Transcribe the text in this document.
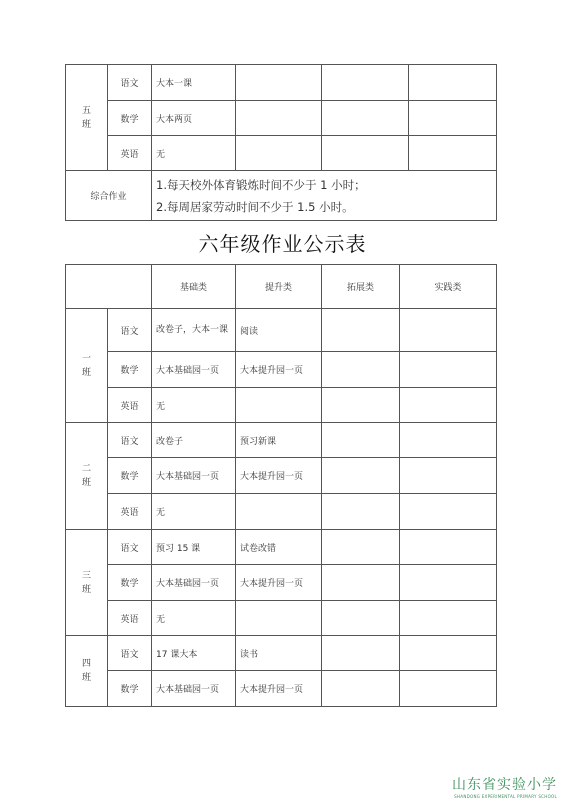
五
班	语文	大本一课			
	数学	大本两页			
	英语	无			
综合作业		1.每天校外体育锻炼时间不少于 1 小时；
2.每周居家劳动时间不少于 1.5 小时。			
六年级作业公示表
		基础类	提升类	拓展类	实践类
一
班	语文	改卷子，大本一课	阅读		
	数学	大本基础园一页	大本提升园一页		
	英语	无			
二
班	语文	改卷子	预习新课		
	数学	大本基础园一页	大本提升园一页		
	英语	无			
三
班	语文	预习 15 课	试卷改错		
	数学	大本基础园一页	大本提升园一页		
	英语	无			
四
班	语文	17 课大本	读书		
	数学	大本基础园一页	大本提升园一页		
山东省实验小学
SHANDONG EXPERIMENTAL PRIMARY SCHOOL
